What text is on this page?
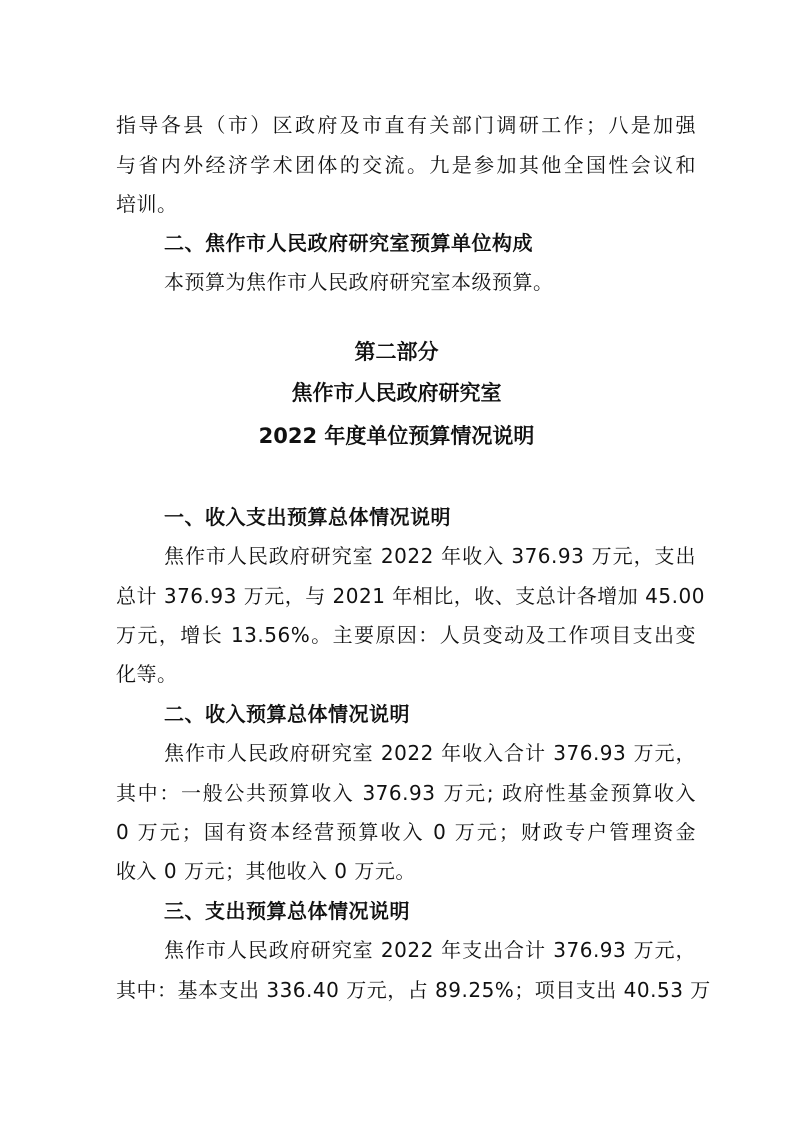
指导各县（市）区政府及市直有关部门调研工作；八是加强
与省内外经济学术团体的交流。九是参加其他全国性会议和
培训。
二、焦作市人民政府研究室预算单位构成
本预算为焦作市人民政府研究室本级预算。
第二部分
焦作市人民政府研究室
2022 年度单位预算情况说明
一、收入支出预算总体情况说明
焦作市人民政府研究室 2022 年收入 376.93 万元，支出
总计 376.93 万元，与 2021 年相比，收、支总计各增加 45.00
万元，增长 13.56%。主要原因：人员变动及工作项目支出变
化等。
二、收入预算总体情况说明
焦作市人民政府研究室 2022 年收入合计 376.93 万元，
其中：一般公共预算收入 376.93 万元; 政府性基金预算收入
0 万元；国有资本经营预算收入 0 万元；财政专户管理资金
收入 0 万元；其他收入 0 万元。
三、支出预算总体情况说明
焦作市人民政府研究室 2022 年支出合计 376.93 万元，
其中：基本支出 336.40 万元，占 89.25%；项目支出 40.53 万
